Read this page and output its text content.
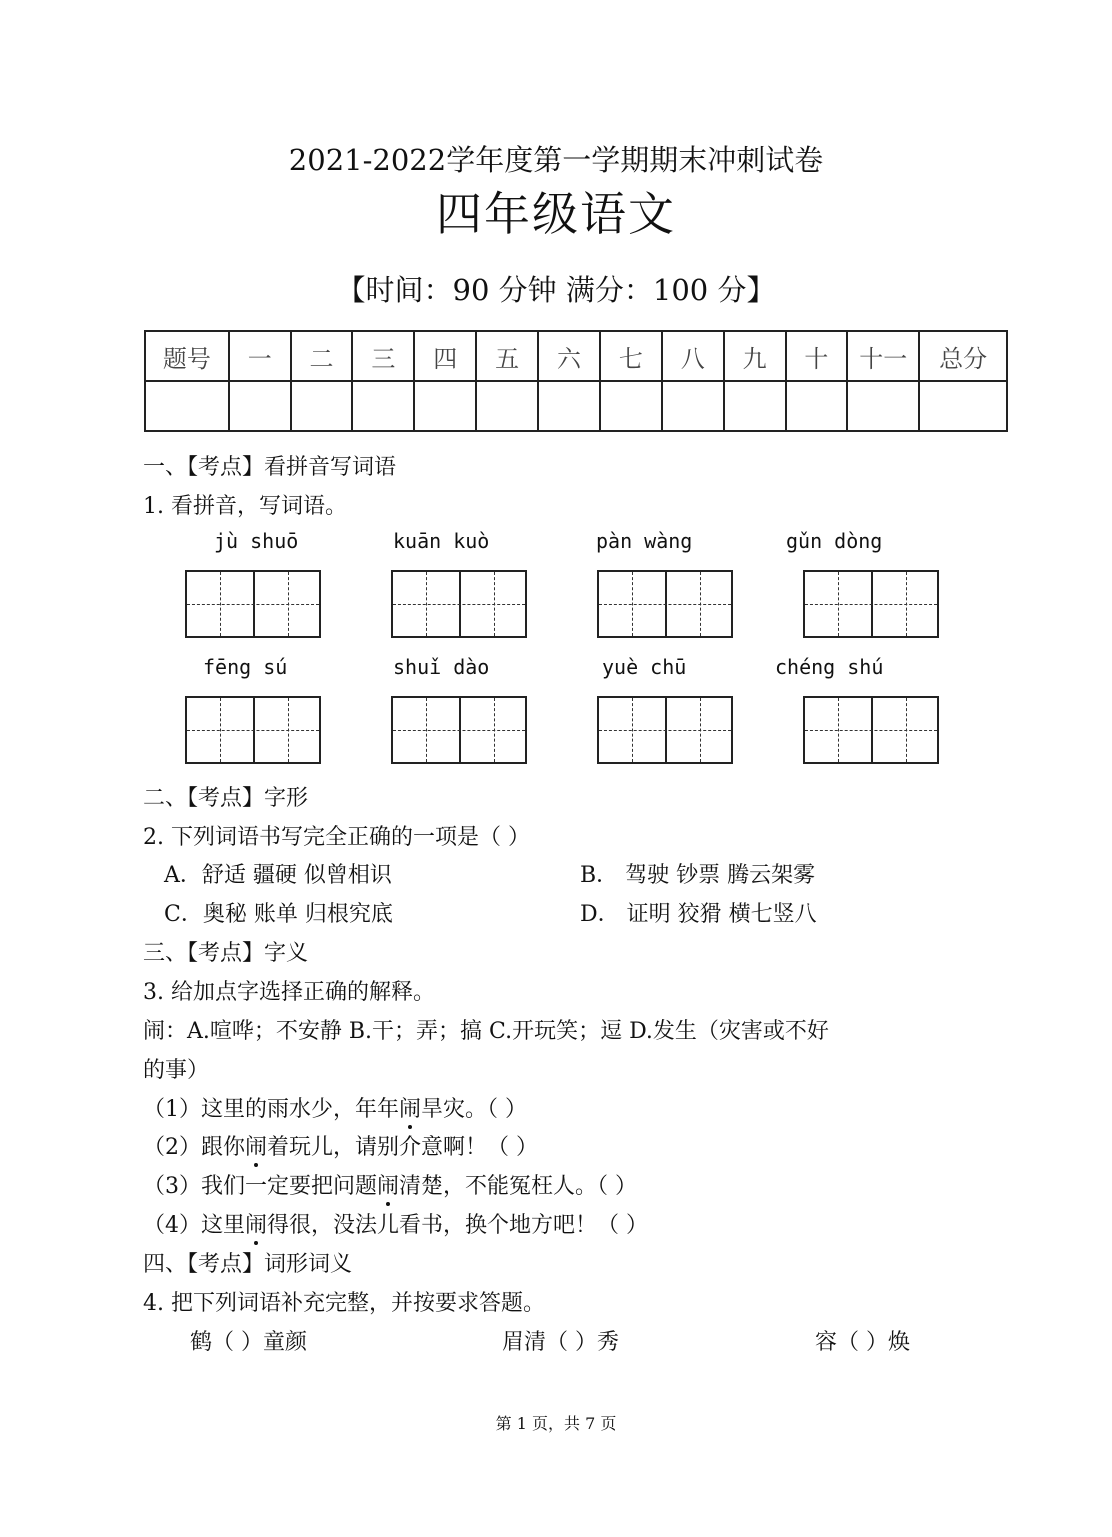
2021-2022学年度第一学期期末冲刺试卷
四年级语文
【时间：90 分钟 满分：100 分】
题号	一	二	三	四	五	六	七	八	九	十	十一	总分

一、【考点】看拼音写词语
1. 看拼音，写词语。
jù shuō	kuān kuò	pàn wàng	gǔn dòng
fēng sú	shuǐ dào	yuè chū	chéng shú
二、【考点】字形
2. 下列词语书写完全正确的一项是（ ）
A．舒适 疆硬 似曾相识	B． 驾驶 钞票 腾云架雾
C．奥秘 账单 归根究底	D． 证明 狡猾 横七竖八
三、【考点】字义
3. 给加点字选择正确的解释。
闹：A.喧哗；不安静 B.干；弄；搞 C.开玩笑；逗 D.发生（灾害或不好
的事）
（1）这里的雨水少，年年闹旱灾。（ ）
（2）跟你闹着玩儿，请别介意啊！（ ）
（3）我们一定要把问题闹清楚，不能冤枉人。（ ）
（4）这里闹得很，没法儿看书，换个地方吧！（ ）
四、【考点】词形词义
4. 把下列词语补充完整，并按要求答题。
鹤（ ）童颜	眉清（ ）秀	容（ ）焕
第 1 页，共 7 页
